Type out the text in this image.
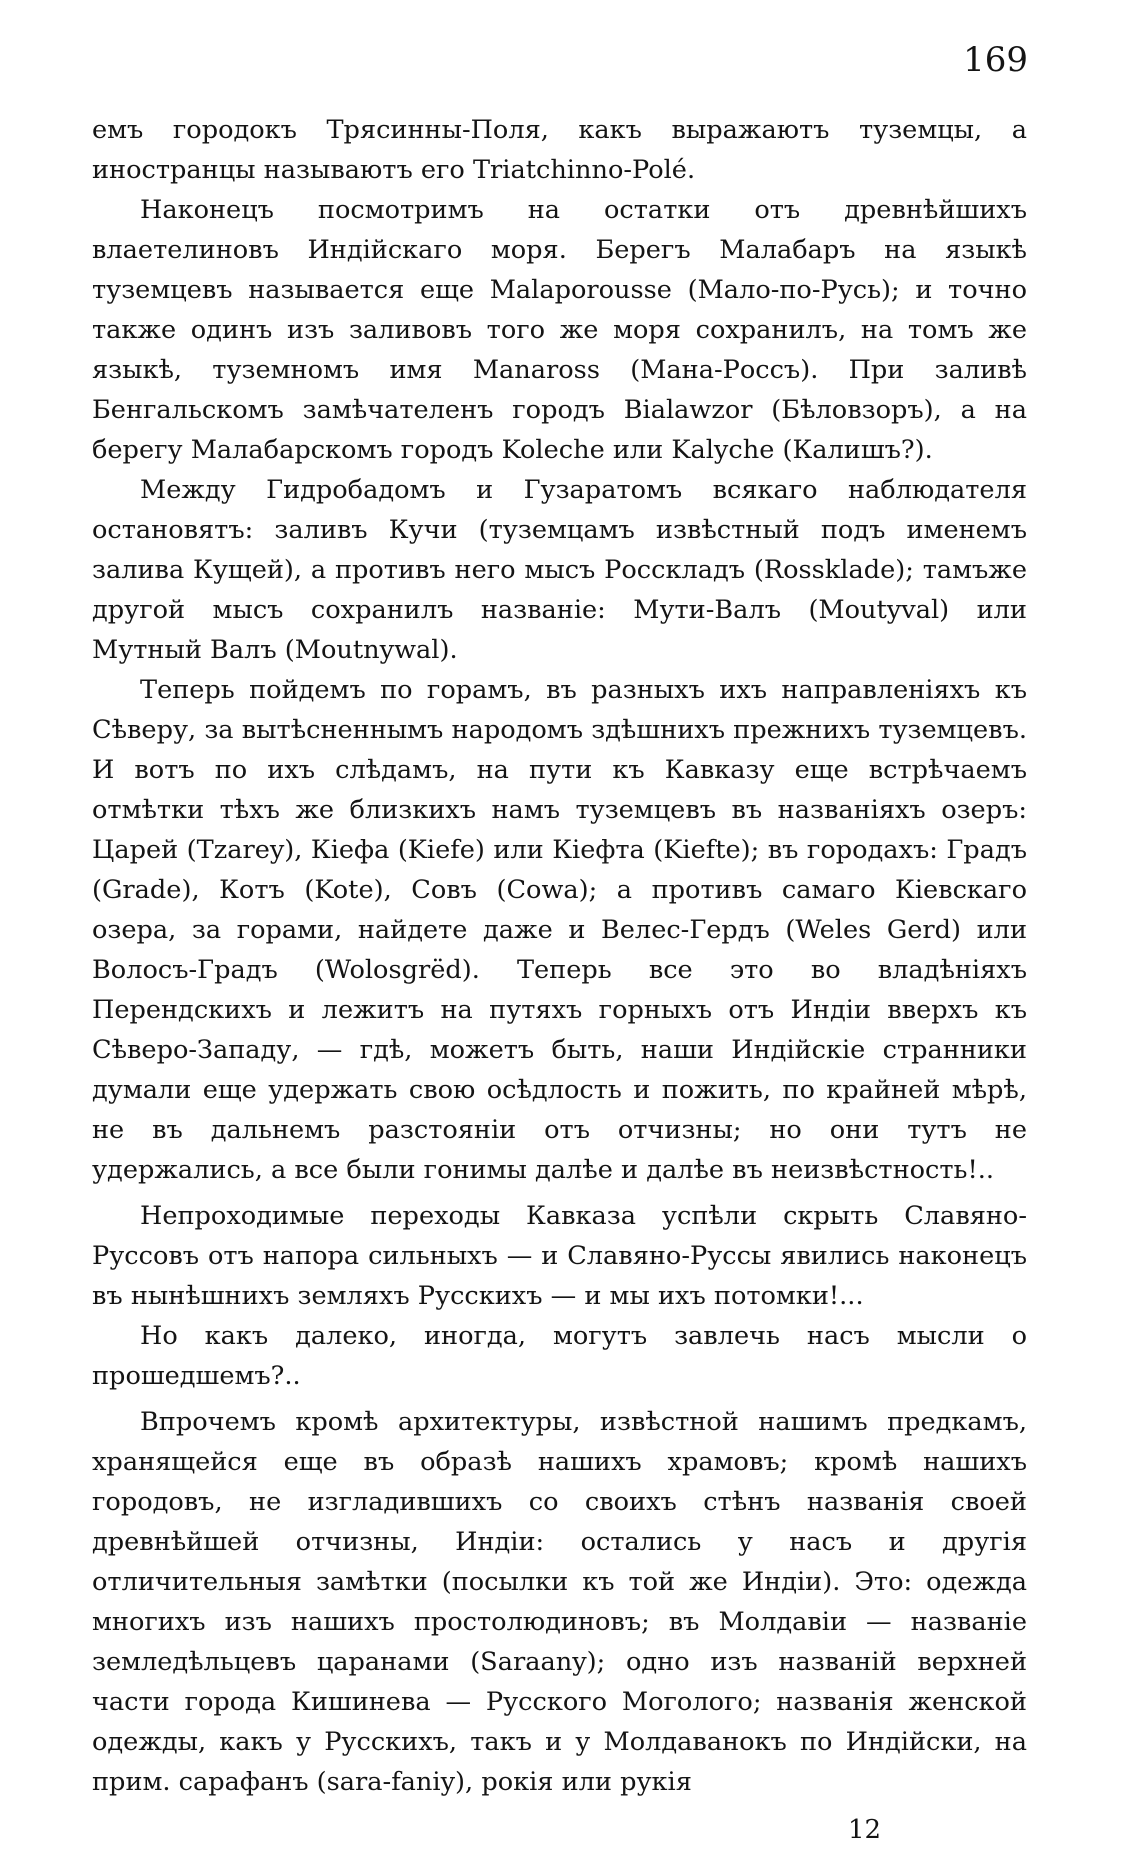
169

емъ городокъ Трясинны-Поля, какъ выражаютъ туземцы, а иностранцы называютъ его Triatchinno-Polé.

Наконецъ посмотримъ на остатки отъ древнѣйшихъ влаетелиновъ Индійскаго моря. Берегъ Малабаръ на языкѣ туземцевъ называется еще Malaporousse (Мало-по-Русь); и точно также одинъ изъ заливовъ того же моря сохранилъ, на томъ же языкѣ, туземномъ имя Manaross (Мана-Россъ). При заливѣ Бенгальскомъ замѣчателенъ городъ Bialawzor (Бѣловзоръ), а на берегу Малабарскомъ городъ Koleche или Kalyche (Калишъ?).

Между Гидробадомъ и Гузаратомъ всякаго наблюдателя остановятъ: заливъ Кучи (туземцамъ извѣстный подъ именемъ залива Кущей), а противъ него мысъ Росскладъ (Rossklade); тамъже другой мысъ сохранилъ названіе: Мути-Валъ (Moutyval) или Мутный Валъ (Moutnywal).

Теперь пойдемъ по горамъ, въ разныхъ ихъ направленіяхъ къ Сѣверу, за вытѣсненнымъ народомъ здѣшнихъ прежнихъ туземцевъ. И вотъ по ихъ слѣдамъ, на пути къ Кавказу еще встрѣчаемъ отмѣтки тѣхъ же близкихъ намъ туземцевъ въ названіяхъ озеръ: Царей (Tzarey), Кiефа (Kiefe) или Кiефта (Kiefte); въ городахъ: Градъ (Grade), Котъ (Kote), Совъ (Cowa); а противъ самаго Кiевскаго озера, за горами, найдете даже и Велес-Гердъ (Weles Gerd) или Волосъ-Градъ (Wolosgrëd). Теперь все это во владѣніяхъ Перендскихъ и лежитъ на путяхъ горныхъ отъ Индіи вверхъ къ Сѣверо-Западу, — гдѣ, можетъ быть, наши Индійскіе странники думали еще удержать свою осѣдлость и пожить, по крайней мѣрѣ, не въ дальнемъ разстояніи отъ отчизны; но они тутъ не удержались, а все были гонимы далѣе и далѣе въ неизвѣстность!..

Непроходимые переходы Кавказа успѣли скрыть Славяно-Руссовъ отъ напора сильныхъ — и Славяно-Руссы явились наконецъ въ нынѣшнихъ земляхъ Русскихъ — и мы ихъ потомки!...

Но какъ далеко, иногда, могутъ завлечь насъ мысли о прошедшемъ?..

Впрочемъ кромѣ архитектуры, извѣстной нашимъ предкамъ, хранящейся еще въ образѣ нашихъ храмовъ; кромѣ нашихъ городовъ, не изгладившихъ со своихъ стѣнъ названія своей древнѣйшей отчизны, Индіи: остались у насъ и другія отличительныя замѣтки (посылки къ той же Индіи). Это: одежда многихъ изъ нашихъ простолюдиновъ; въ Молдавіи — названіе земледѣльцевъ царанами (Saraany); одно изъ названій верхней части города Кишинева — Русского Моголого; названія женской одежды, какъ у Русскихъ, такъ и у Молдаванокъ по Индійски, на прим. сарафанъ (sara-faniy), рокія или рукія

12
